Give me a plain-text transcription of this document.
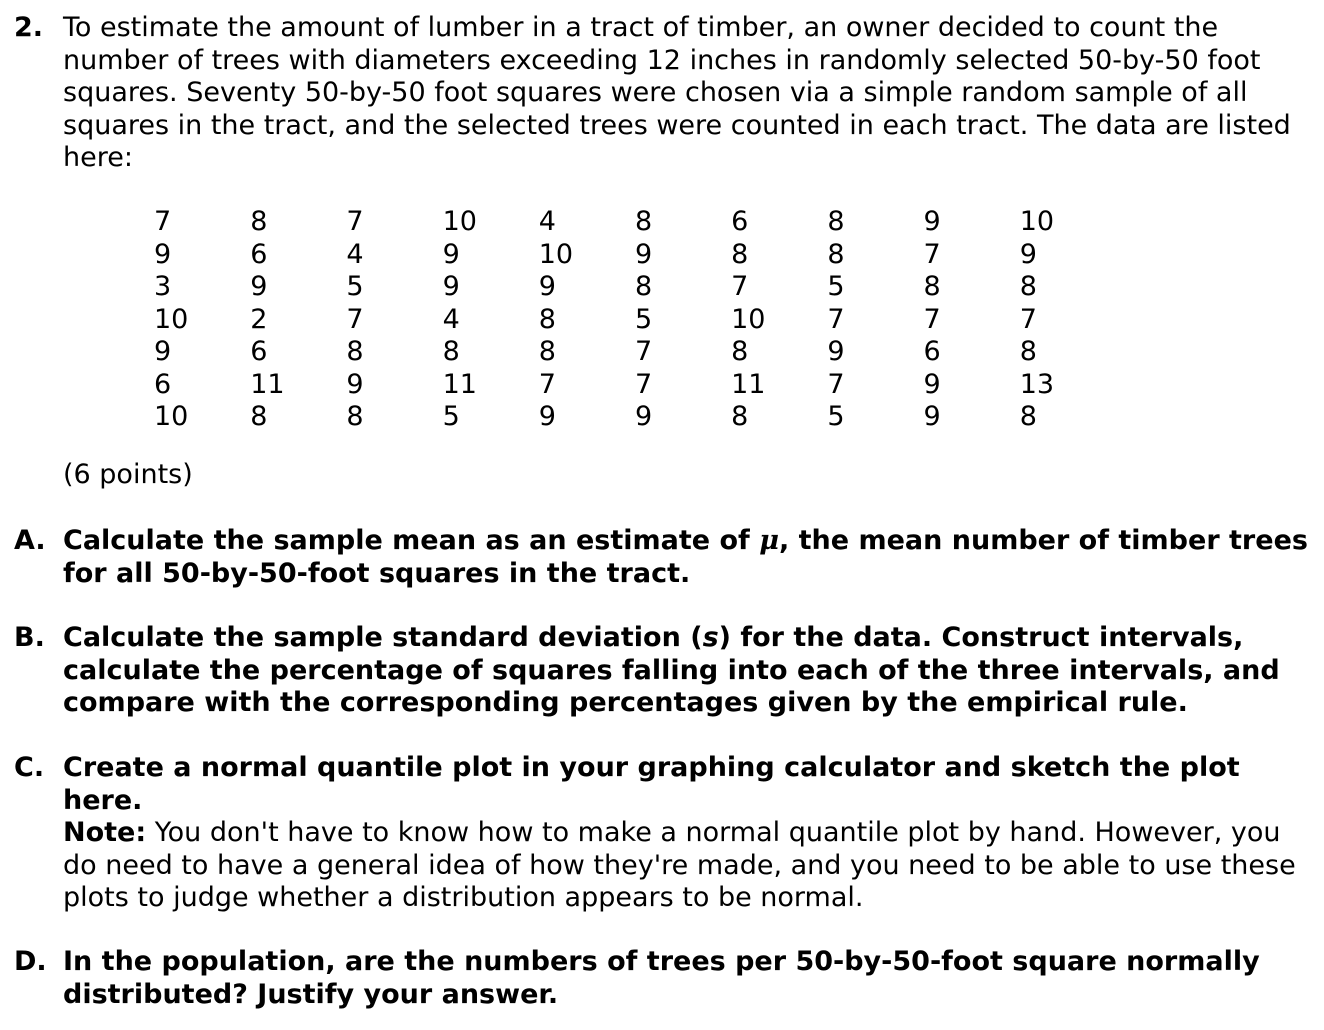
2. To estimate the amount of lumber in a tract of timber, an owner decided to count the number of trees with diameters exceeding 12 inches in randomly selected 50-by-50 foot squares. Seventy 50-by-50 foot squares were chosen via a simple random sample of all squares in the tract, and the selected trees were counted in each tract. The data are listed here:
7	8	7	10	4	8	6	8	9	10
9	6	4	9	10	9	8	8	7	9
3	9	5	9	9	8	7	5	8	8
10	2	7	4	8	5	10	7	7	7
9	6	8	8	8	7	8	9	6	8
6	11	9	11	7	7	11	7	9	13
10	8	8	5	9	9	8	5	9	8
(6 points)
A. Calculate the sample mean as an estimate of μ, the mean number of timber trees for all 50-by-50-foot squares in the tract.
B. Calculate the sample standard deviation (s) for the data. Construct intervals, calculate the percentage of squares falling into each of the three intervals, and compare with the corresponding percentages given by the empirical rule.
C. Create a normal quantile plot in your graphing calculator and sketch the plot here.
Note: You don't have to know how to make a normal quantile plot by hand. However, you do need to have a general idea of how they're made, and you need to be able to use these plots to judge whether a distribution appears to be normal.
D. In the population, are the numbers of trees per 50-by-50-foot square normally distributed? Justify your answer.
